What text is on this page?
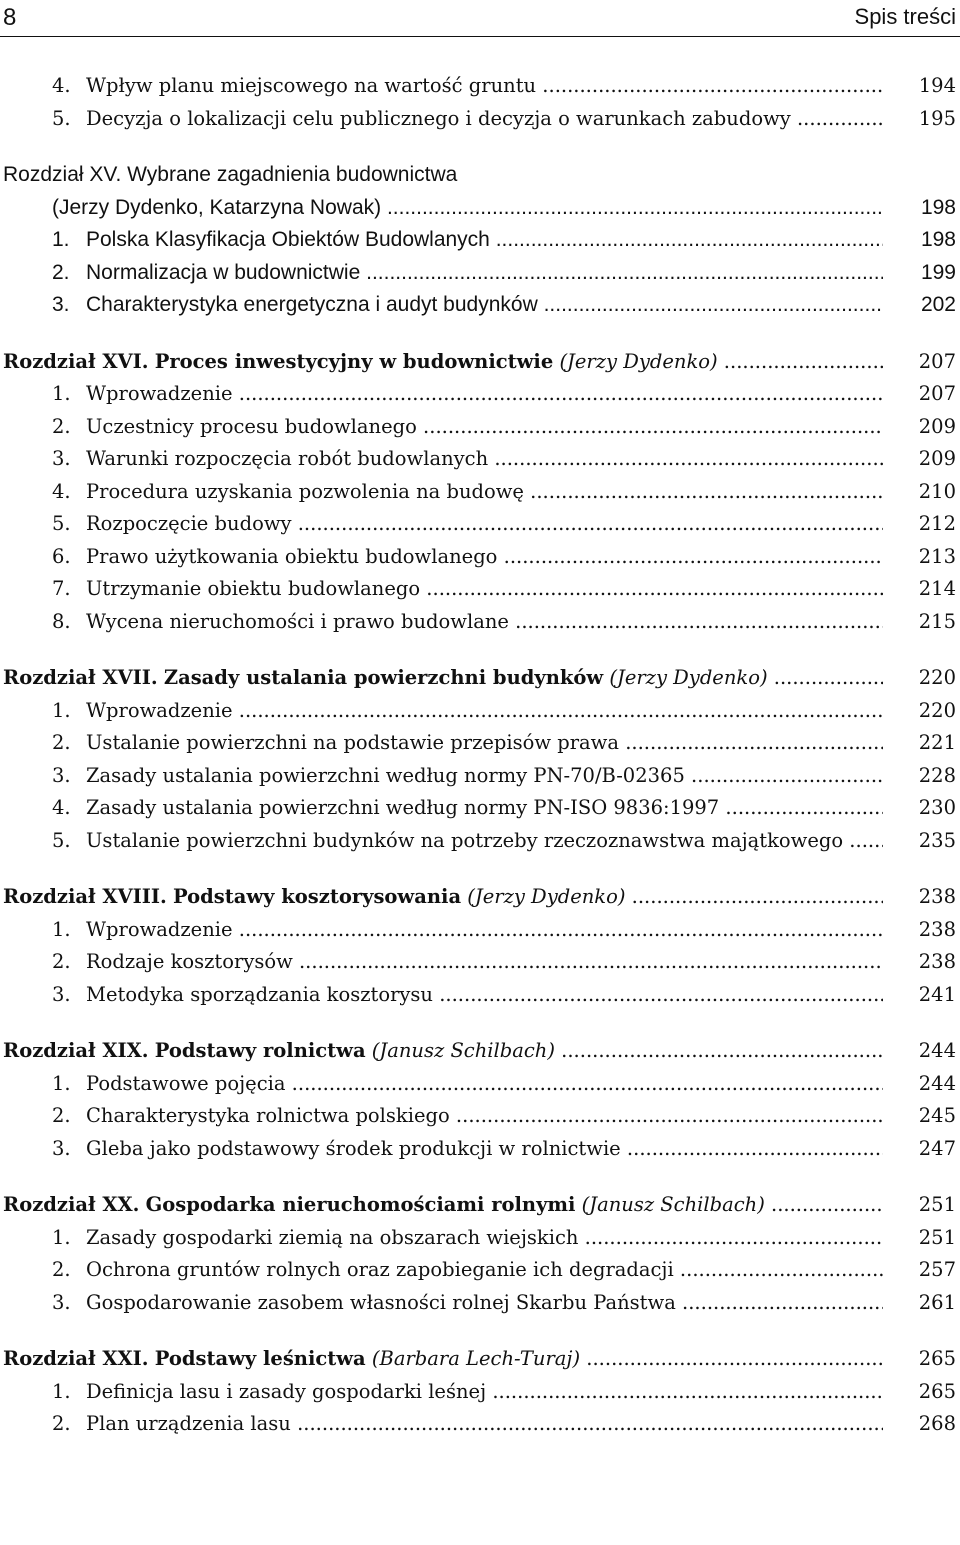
8	Spis treści
4. Wpływ planu miejscowego na wartość gruntu .....	194
5. Decyzja o lokalizacji celu publicznego i decyzja o warunkach zabudowy .....	195
Rozdział XV. Wybrane zagadnienia budownictwa
(Jerzy Dydenko, Katarzyna Nowak) .....	198
1. Polska Klasyfikacja Obiektów Budowlanych .....	198
2. Normalizacja w budownictwie .....	199
3. Charakterystyka energetyczna i audyt budynków .....	202
Rozdział XVI. Proces inwestycyjny w budownictwie (Jerzy Dydenko) .....	207
1. Wprowadzenie .....	207
2. Uczestnicy procesu budowlanego .....	209
3. Warunki rozpoczęcia robót budowlanych .....	209
4. Procedura uzyskania pozwolenia na budowę .....	210
5. Rozpoczęcie budowy .....	212
6. Prawo użytkowania obiektu budowlanego .....	213
7. Utrzymanie obiektu budowlanego .....	214
8. Wycena nieruchomości i prawo budowlane .....	215
Rozdział XVII. Zasady ustalania powierzchni budynków (Jerzy Dydenko) .....	220
1. Wprowadzenie .....	220
2. Ustalanie powierzchni na podstawie przepisów prawa .....	221
3. Zasady ustalania powierzchni według normy PN-70/B-02365 .....	228
4. Zasady ustalania powierzchni według normy PN-ISO 9836:1997 .....	230
5. Ustalanie powierzchni budynków na potrzeby rzeczoznawstwa majątkowego .....	235
Rozdział XVIII. Podstawy kosztorysowania (Jerzy Dydenko) .....	238
1. Wprowadzenie .....	238
2. Rodzaje kosztorysów .....	238
3. Metodyka sporządzania kosztorysu .....	241
Rozdział XIX. Podstawy rolnictwa (Janusz Schilbach) .....	244
1. Podstawowe pojęcia .....	244
2. Charakterystyka rolnictwa polskiego .....	245
3. Gleba jako podstawowy środek produkcji w rolnictwie .....	247
Rozdział XX. Gospodarka nieruchomościami rolnymi (Janusz Schilbach) .....	251
1. Zasady gospodarki ziemią na obszarach wiejskich .....	251
2. Ochrona gruntów rolnych oraz zapobieganie ich degradacji .....	257
3. Gospodarowanie zasobem własności rolnej Skarbu Państwa .....	261
Rozdział XXI. Podstawy leśnictwa (Barbara Lech-Turaj) .....	265
1. Definicja lasu i zasady gospodarki leśnej .....	265
2. Plan urządzenia lasu .....	268
